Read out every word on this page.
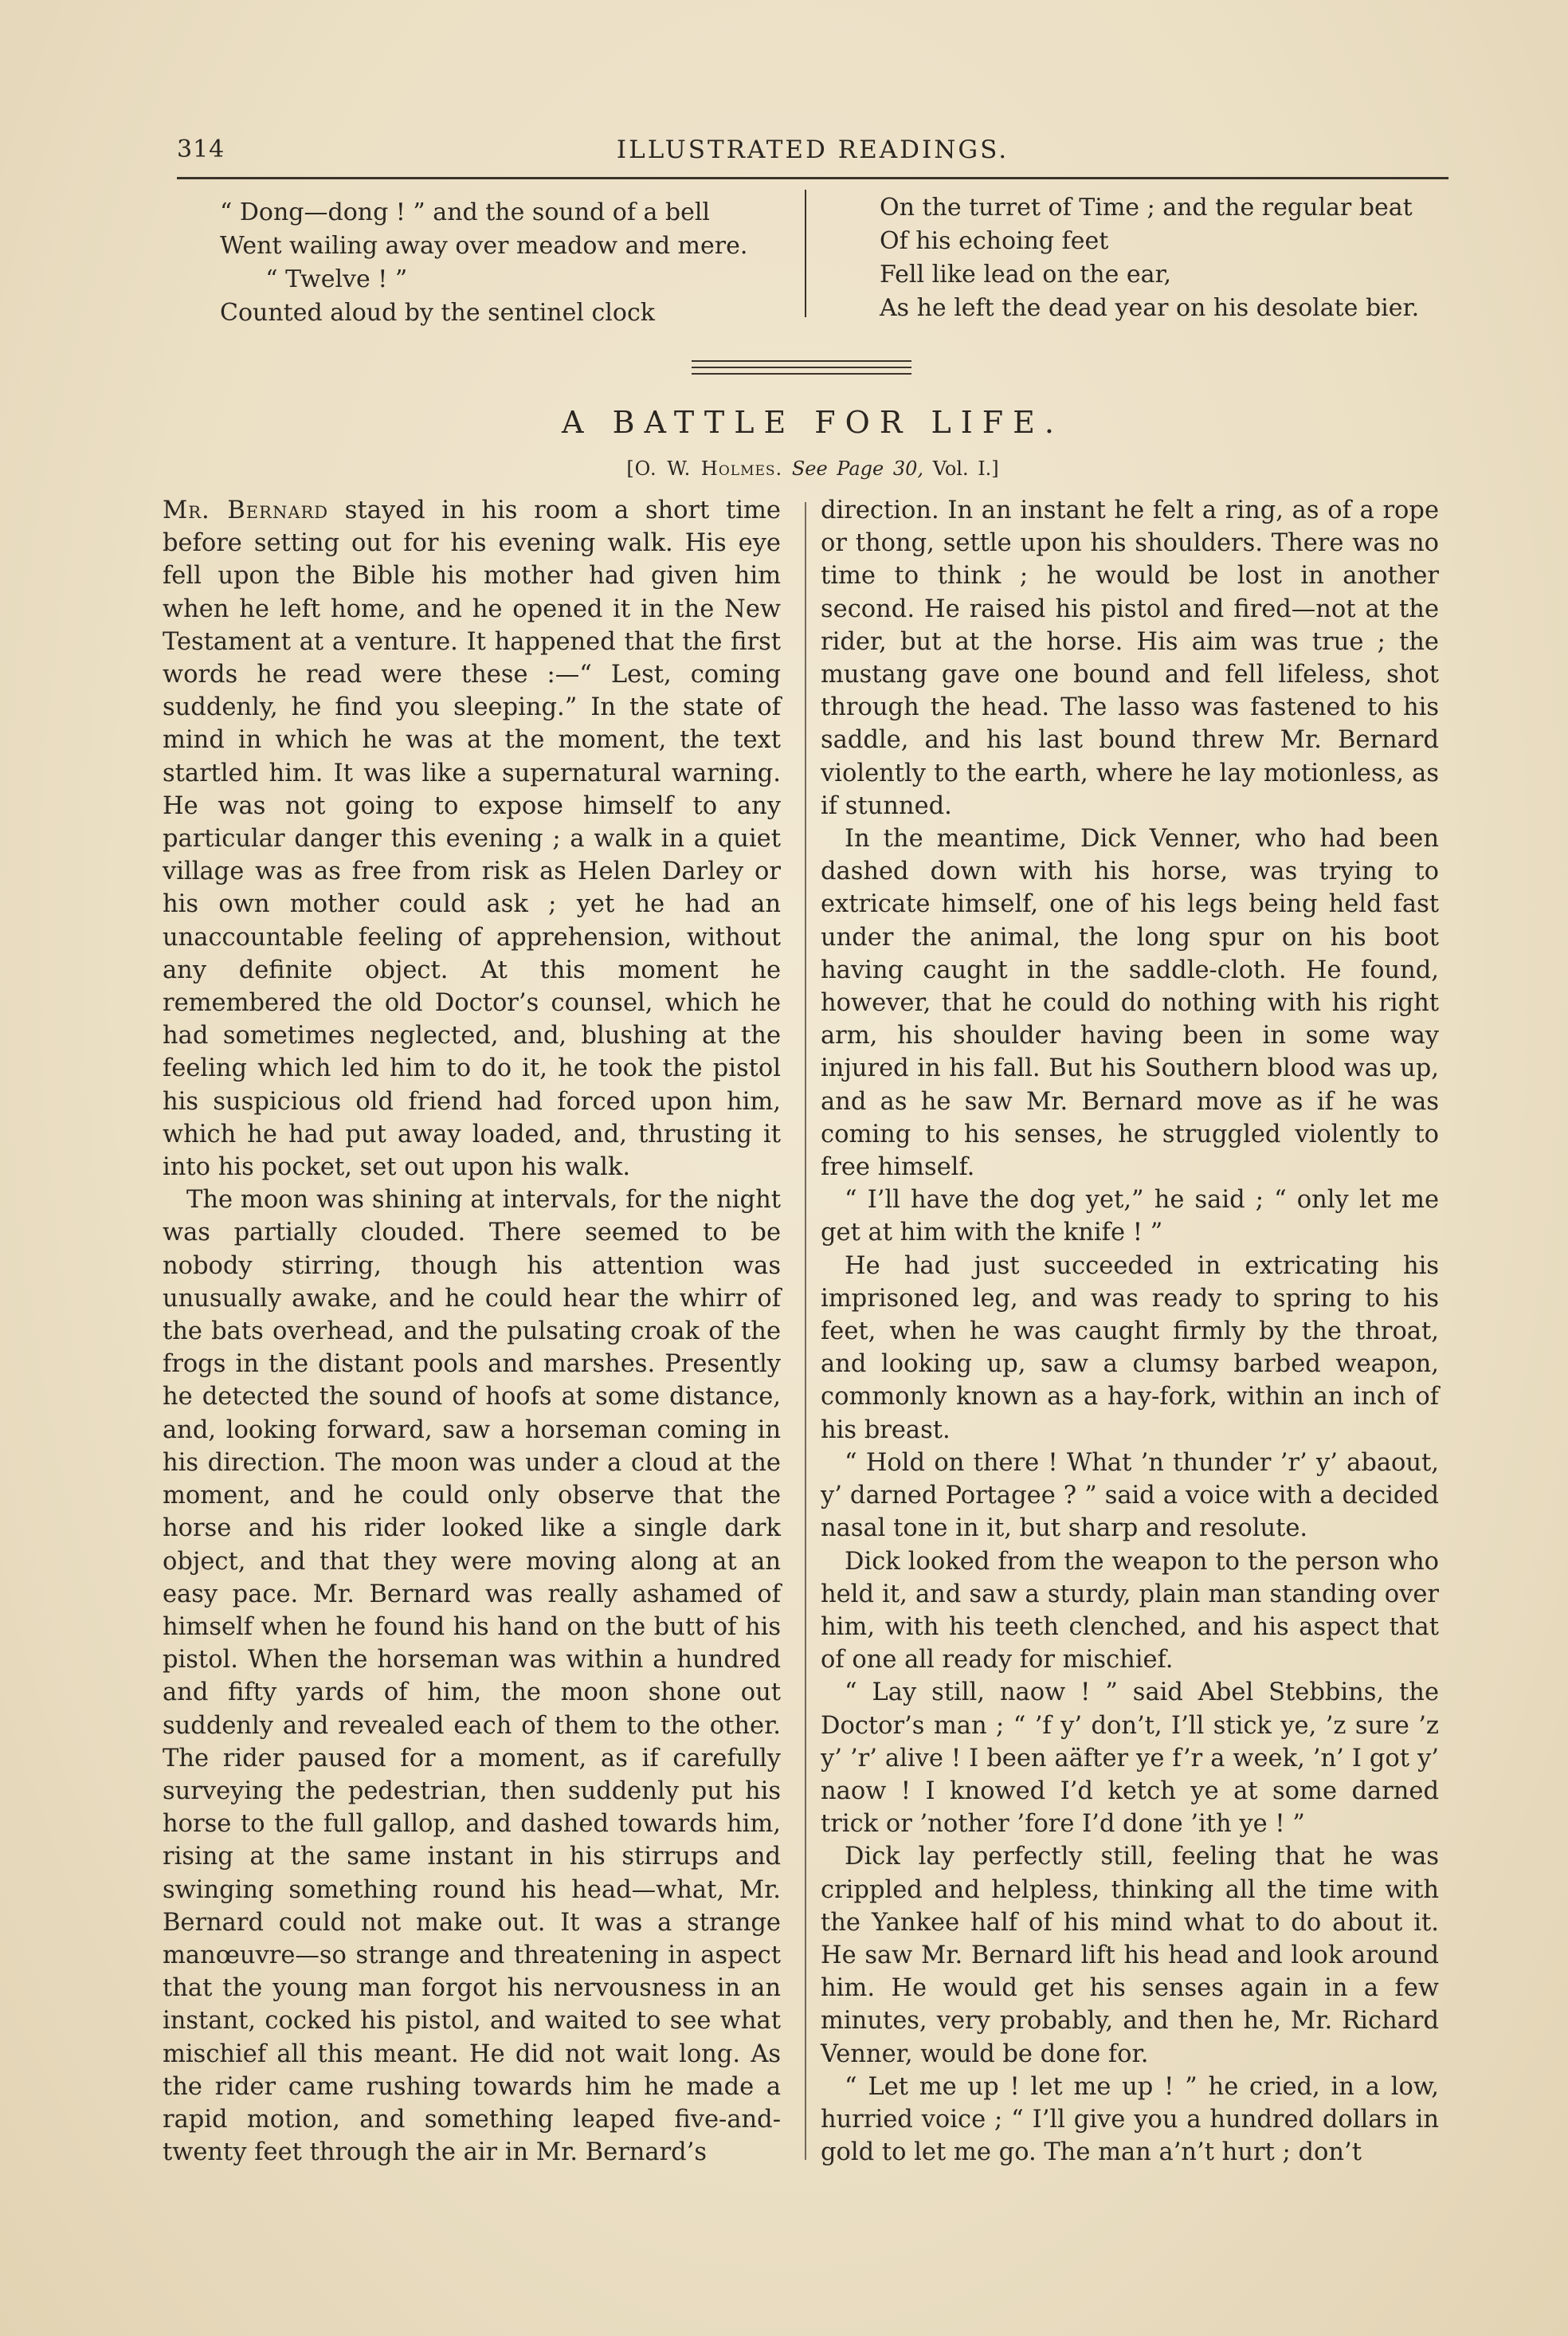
314	ILLUSTRATED READINGS.
“ Dong—dong ! ” and the sound of a bell
Went wailing away over meadow and mere.
“ Twelve ! ”
Counted aloud by the sentinel clock
On the turret of Time ; and the regular beat
Of his echoing feet
Fell like lead on the ear,
As he left the dead year on his desolate bier.
A BATTLE FOR LIFE.
[O. W. Holmes. See Page 30, Vol. I.]

Mr. Bernard stayed in his room a short time before setting out for his evening walk. His eye fell upon the Bible his mother had given him when he left home, and he opened it in the New Testament at a venture. It happened that the first words he read were these :—“ Lest, coming suddenly, he find you sleeping.” In the state of mind in which he was at the moment, the text startled him. It was like a supernatural warning. He was not going to expose himself to any particular danger this evening ; a walk in a quiet village was as free from risk as Helen Darley or his own mother could ask ; yet he had an unaccountable feeling of apprehension, without any definite object. At this moment he remembered the old Doctor’s counsel, which he had sometimes neglected, and, blushing at the feeling which led him to do it, he took the pistol his suspicious old friend had forced upon him, which he had put away loaded, and, thrusting it into his pocket, set out upon his walk.

The moon was shining at intervals, for the night was partially clouded. There seemed to be nobody stirring, though his attention was unusually awake, and he could hear the whirr of the bats overhead, and the pulsating croak of the frogs in the distant pools and marshes. Presently he detected the sound of hoofs at some distance, and, looking forward, saw a horseman coming in his direction. The moon was under a cloud at the moment, and he could only observe that the horse and his rider looked like a single dark object, and that they were moving along at an easy pace. Mr. Bernard was really ashamed of himself when he found his hand on the butt of his pistol. When the horseman was within a hundred and fifty yards of him, the moon shone out suddenly and revealed each of them to the other. The rider paused for a moment, as if carefully surveying the pedestrian, then suddenly put his horse to the full gallop, and dashed towards him, rising at the same instant in his stirrups and swinging something round his head—what, Mr. Bernard could not make out. It was a strange manœuvre—so strange and threatening in aspect that the young man forgot his nervousness in an instant, cocked his pistol, and waited to see what mischief all this meant. He did not wait long. As the rider came rushing towards him he made a rapid motion, and something leaped five-and-twenty feet through the air in Mr. Bernard’s

direction. In an instant he felt a ring, as of a rope or thong, settle upon his shoulders. There was no time to think ; he would be lost in another second. He raised his pistol and fired—not at the rider, but at the horse. His aim was true ; the mustang gave one bound and fell lifeless, shot through the head. The lasso was fastened to his saddle, and his last bound threw Mr. Bernard violently to the earth, where he lay motionless, as if stunned.

In the meantime, Dick Venner, who had been dashed down with his horse, was trying to extricate himself, one of his legs being held fast under the animal, the long spur on his boot having caught in the saddle-cloth. He found, however, that he could do nothing with his right arm, his shoulder having been in some way injured in his fall. But his Southern blood was up, and as he saw Mr. Bernard move as if he was coming to his senses, he struggled violently to free himself.

“ I’ll have the dog yet,” he said ; “ only let me get at him with the knife ! ”

He had just succeeded in extricating his imprisoned leg, and was ready to spring to his feet, when he was caught firmly by the throat, and looking up, saw a clumsy barbed weapon, commonly known as a hay-fork, within an inch of his breast.

“ Hold on there ! What ’n thunder ’r’ y’ abaout, y’ darned Portagee ? ” said a voice with a decided nasal tone in it, but sharp and resolute.

Dick looked from the weapon to the person who held it, and saw a sturdy, plain man standing over him, with his teeth clenched, and his aspect that of one all ready for mischief.

“ Lay still, naow ! ” said Abel Stebbins, the Doctor’s man ; “ ’f y’ don’t, I’ll stick ye, ’z sure ’z y’ ’r’ alive ! I been aäfter ye f’r a week, ’n’ I got y’ naow ! I knowed I’d ketch ye at some darned trick or ’nother ’fore I’d done ’ith ye ! ”

Dick lay perfectly still, feeling that he was crippled and helpless, thinking all the time with the Yankee half of his mind what to do about it. He saw Mr. Bernard lift his head and look around him. He would get his senses again in a few minutes, very probably, and then he, Mr. Richard Venner, would be done for.

“ Let me up ! let me up ! ” he cried, in a low, hurried voice ; “ I’ll give you a hundred dollars in gold to let me go. The man a’n’t hurt ; don’t
